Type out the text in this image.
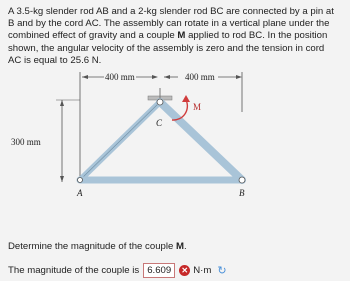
A 3.5-kg slender rod AB and a 2-kg slender rod BC are connected by a pin at B and by the cord AC. The assembly can rotate in a vertical plane under the combined effect of gravity and a couple M applied to rod BC. In the position shown, the angular velocity of the assembly is zero and the tension in cord AC is equal to 25.6 N.
400 mm	400 mm
300 mm
C
M
A	B
Determine the magnitude of the couple M.
The magnitude of the couple is 6.609	✕ N·m ↻
